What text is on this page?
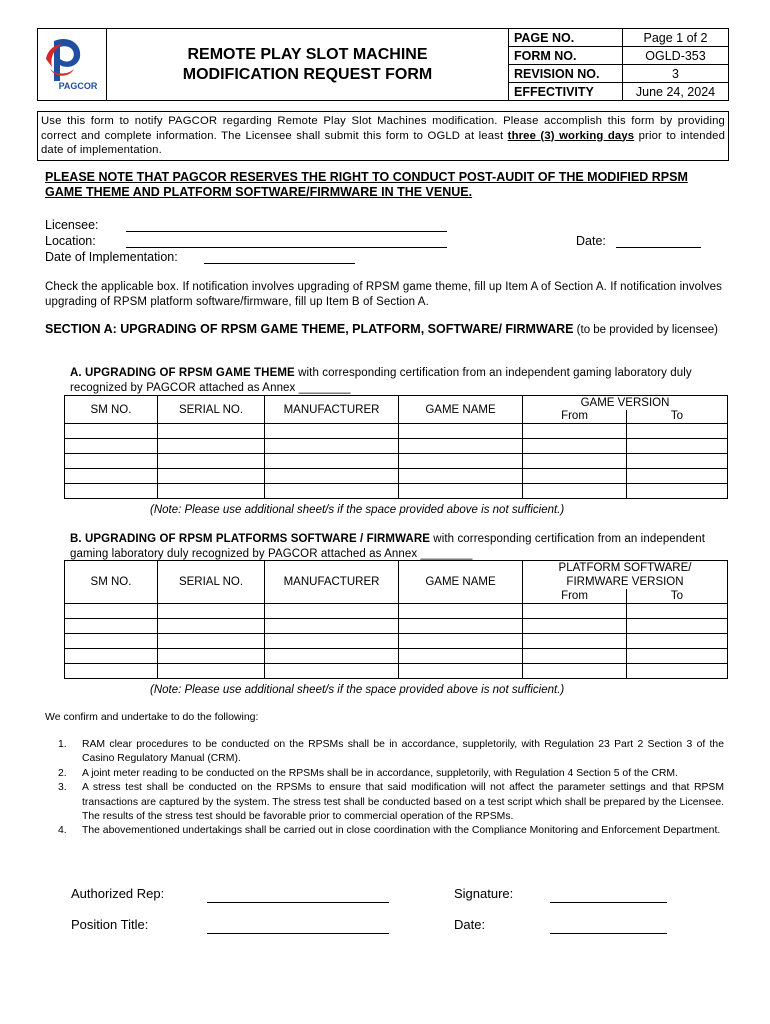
PAGCOR	REMOTE PLAY SLOT MACHINE
MODIFICATION REQUEST FORM	PAGE NO.	Page 1 of 2
		FORM NO.	OGLD-353
		REVISION NO.	3
		EFFECTIVITY	June 24, 2024
Use this form to notify PAGCOR regarding Remote Play Slot Machines modification. Please accomplish this form by providing correct and complete information. The Licensee shall submit this form to OGLD at least three (3) working days prior to intended date of implementation.
PLEASE NOTE THAT PAGCOR RESERVES THE RIGHT TO CONDUCT POST-AUDIT OF THE MODIFIED RPSM GAME THEME AND PLATFORM SOFTWARE/FIRMWARE IN THE VENUE.
Licensee:
Location:	Date:
Date of Implementation:
Check the applicable box. If notification involves upgrading of RPSM game theme, fill up Item A of Section A. If notification involves upgrading of RPSM platform software/firmware, fill up Item B of Section A.
SECTION A: UPGRADING OF RPSM GAME THEME, PLATFORM, SOFTWARE/ FIRMWARE (to be provided by licensee)
A. UPGRADING OF RPSM GAME THEME with corresponding certification from an independent gaming laboratory duly recognized by PAGCOR attached as Annex ________
SM NO.	SERIAL NO.	MANUFACTURER	GAME NAME	GAME VERSION	
				From	To

(Note: Please use additional sheet/s if the space provided above is not sufficient.)
B. UPGRADING OF RPSM PLATFORMS SOFTWARE / FIRMWARE with corresponding certification from an independent gaming laboratory duly recognized by PAGCOR attached as Annex ________
SM NO.	SERIAL NO.	MANUFACTURER	GAME NAME	PLATFORM SOFTWARE/
FIRMWARE VERSION	

				From	To

(Note: Please use additional sheet/s if the space provided above is not sufficient.)
We confirm and undertake to do the following:
1. RAM clear procedures to be conducted on the RPSMs shall be in accordance, suppletorily, with Regulation 23 Part 2 Section 3 of the Casino Regulatory Manual (CRM).
2. A joint meter reading to be conducted on the RPSMs shall be in accordance, suppletorily, with Regulation 4 Section 5 of the CRM.
3. A stress test shall be conducted on the RPSMs to ensure that said modification will not affect the parameter settings and that RPSM transactions are captured by the system. The stress test shall be conducted based on a test script which shall be prepared by the Licensee. The results of the stress test should be favorable prior to commercial operation of the RPSMs.
4. The abovementioned undertakings shall be carried out in close coordination with the Compliance Monitoring and Enforcement Department.
Authorized Rep:	Signature:
Position Title:	Date:
